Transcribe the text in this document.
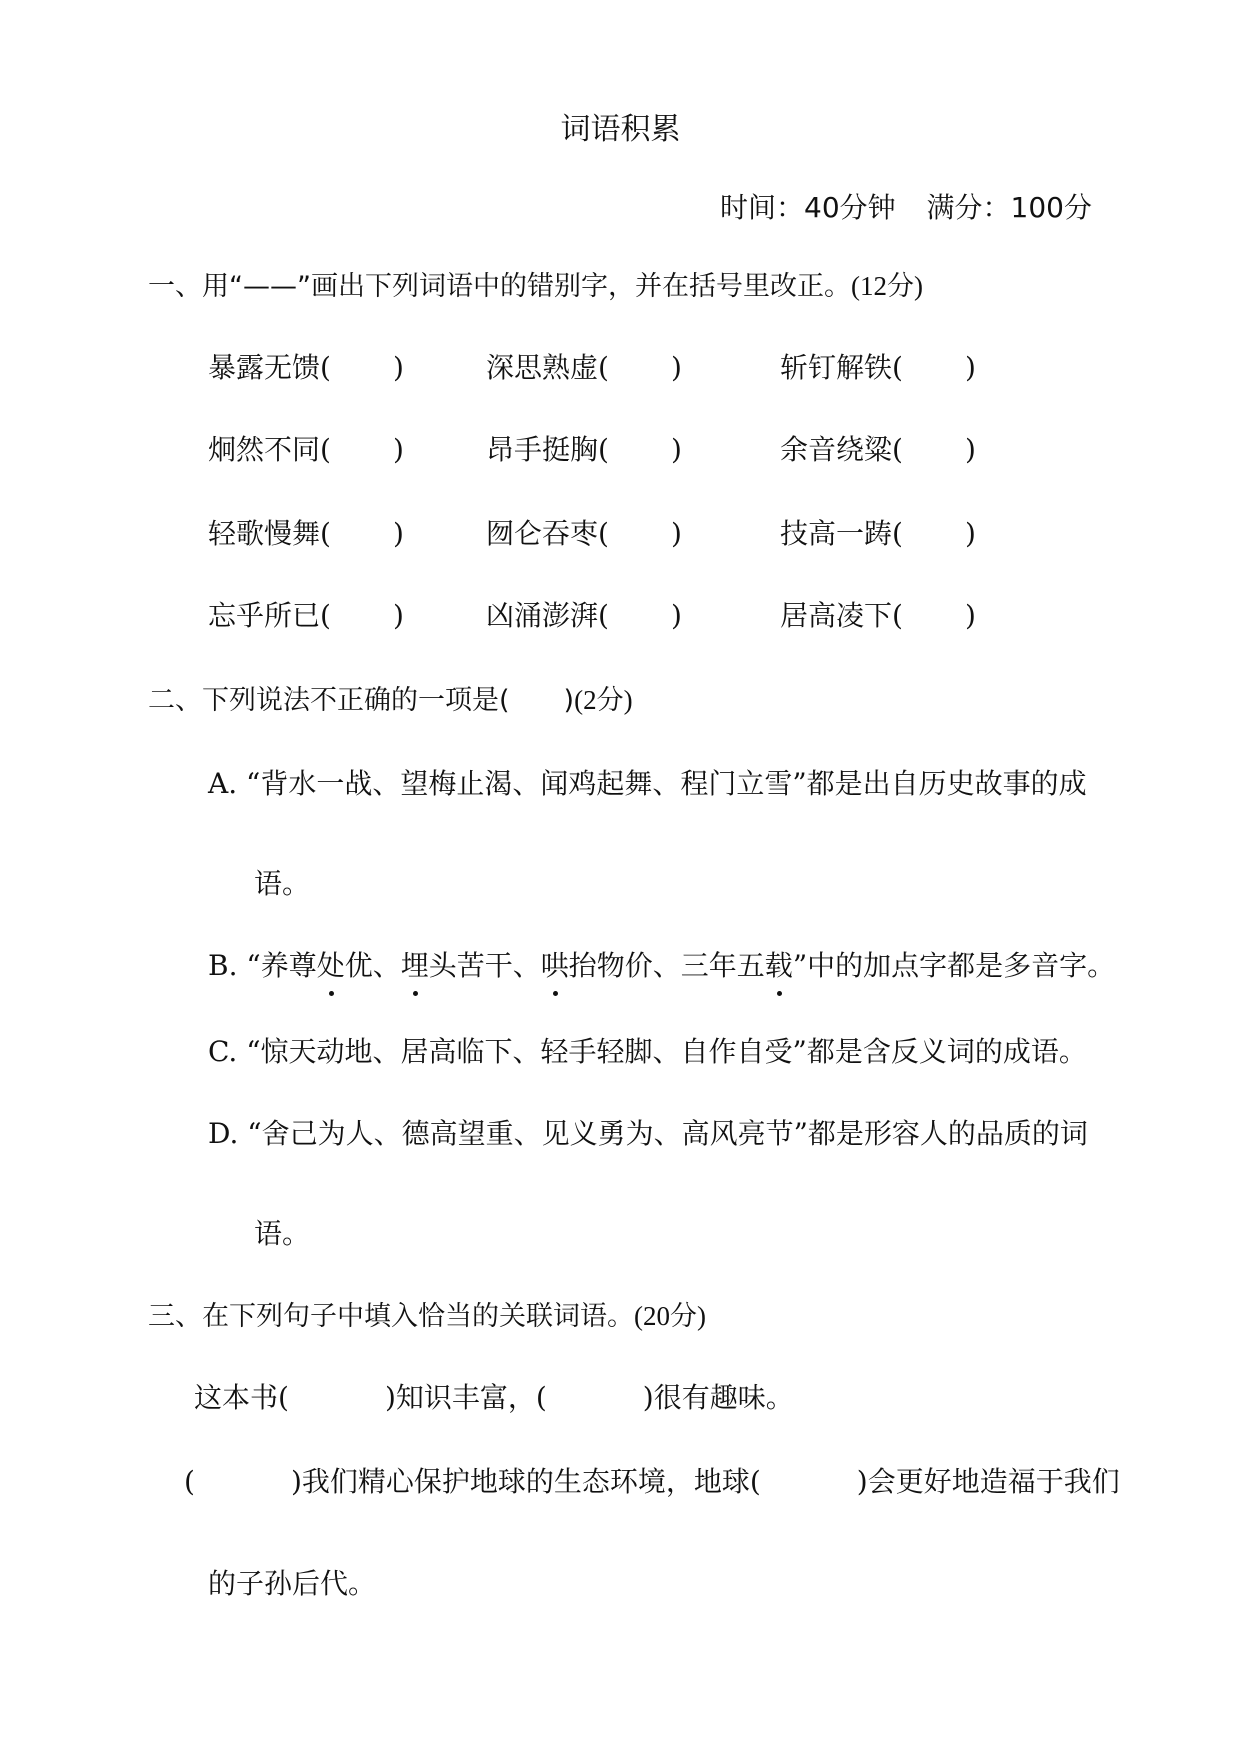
词语积累
时间：40分钟 满分：100分
一、用“——”画出下列词语中的错别字，并在括号里改正。(12分)
暴露无馈( )	深思熟虚( )	斩钉解铁( )
炯然不同( )	昂手挺胸( )	余音绕粱( )
轻歌慢舞( )	囫仑吞枣( )	技高一踌( )
忘乎所已( )	凶涌澎湃( )	居高凌下( )
二、下列说法不正确的一项是(　　)(2分)
A. “背水一战、望梅止渴、闻鸡起舞、程门立雪”都是出自历史故事的成
语。
B. “养尊处优、埋头苦干、哄抬物价、三年五载”中的加点字都是多音字。
C. “惊天动地、居高临下、轻手轻脚、自作自受”都是含反义词的成语。
D. “舍己为人、德高望重、见义勇为、高风亮节”都是形容人的品质的词
语。
三、在下列句子中填入恰当的关联词语。(20分)
这本书(	)知识丰富，(	)很有趣味。
(	)我们精心保护地球的生态环境，地球(	)会更好地造福于我们
的子孙后代。
